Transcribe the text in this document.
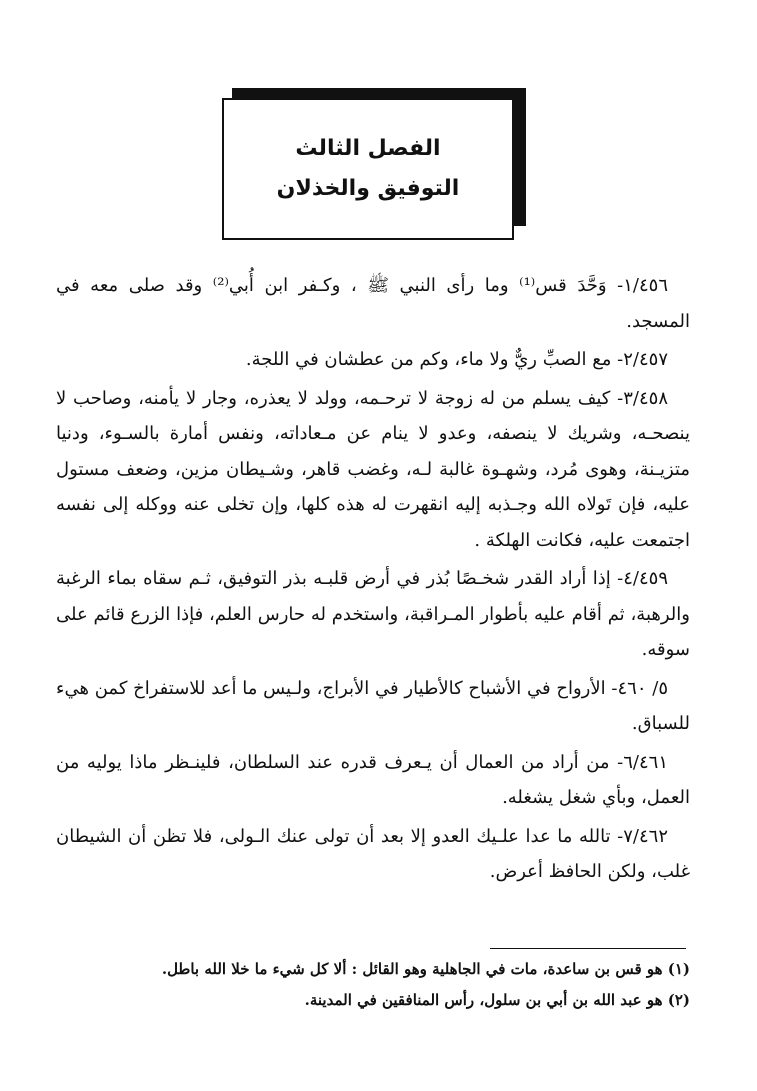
الفصل الثالث
التوفيق والخذلان

١/٤٥٦- وَحَّدَ قس⁽¹⁾ وما رأى النبي ﷺ ، وكـفر ابن أُبي⁽²⁾ وقد صلى معه في المسجد.

٢/٤٥٧- مع الصبِّ ريٌّ ولا ماء، وكم من عطشان في اللجة.

٣/٤٥٨- كيف يسلم من له زوجة لا ترحـمه، وولد لا يعذره، وجار لا يأمنه، وصاحب لا ينصحـه، وشريك لا ينصفه، وعدو لا ينام عن مـعاداته، ونفس أمارة بالسـوء، ودنيا متزيـنة، وهوى مُرد، وشهـوة غالبة لـه، وغضب قاهر، وشـيطان مزين، وضعف مستول عليه، فإن تَولاه الله وجـذبه إليه انقهرت له هذه كلها، وإن تخلى عنه ووكله إلى نفسه اجتمعت عليه، فكانت الهلكة .

٤/٤٥٩- إذا أراد القدر شخـصًا بُذر في أرض قلبـه بذر التوفيق، ثـم سقاه بماء الرغبة والرهبة، ثم أقام عليه بأطوار المـراقبة، واستخدم له حارس العلم، فإذا الزرع قائم على سوقه.

٥/ ٤٦٠- الأرواح في الأشباح كالأطيار في الأبراج، ولـيس ما أعد للاستفراخ كمن هيء للسباق.

٦/٤٦١- من أراد من العمال أن يـعرف قدره عند السلطان، فلينـظر ماذا يوليه من العمل، وبأي شغل يشغله.

٧/٤٦٢- تالله ما عدا علـيك العدو إلا بعد أن تولى عنك الـولى، فلا تظن أن الشيطان غلب، ولكن الحافظ أعرض.

(١) هو قس بن ساعدة، مات في الجاهلية وهو القائل : ألا كل شيء ما خلا الله باطل.

(٢) هو عبد الله بن أبي بن سلول، رأس المنافقين في المدينة.
